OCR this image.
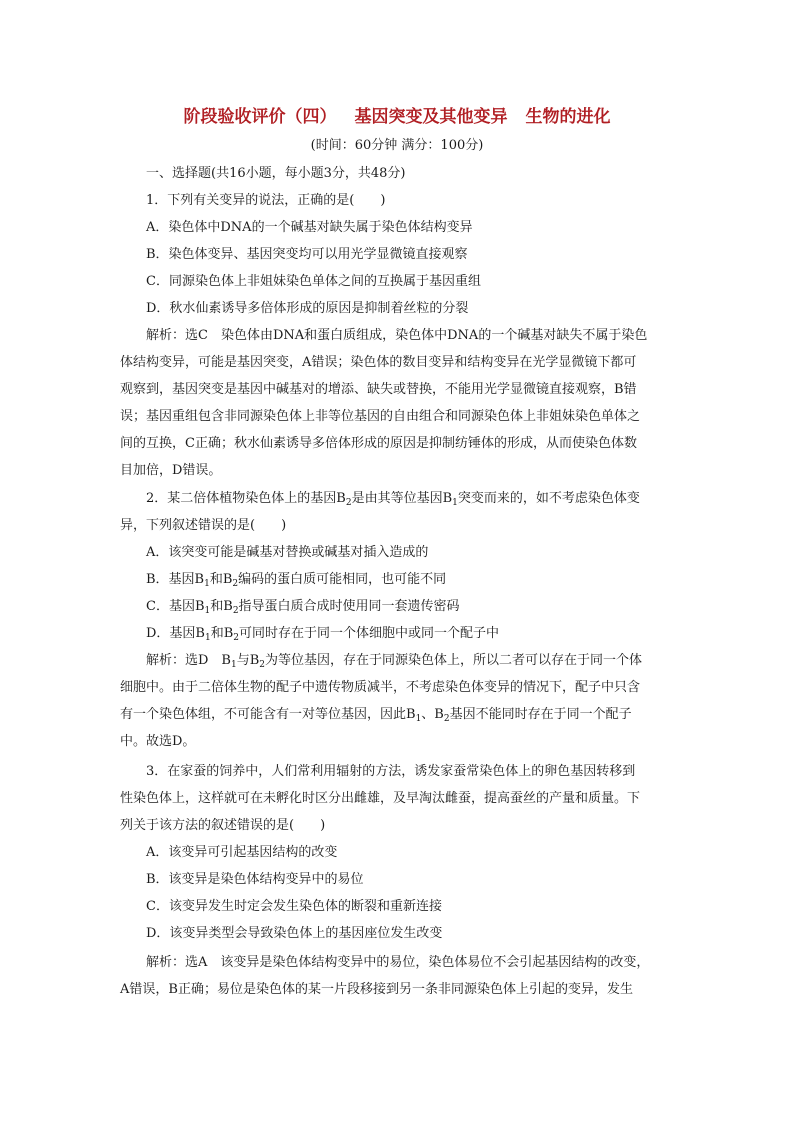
阶段验收评价（四） 基因突变及其他变异 生物的进化
(时间：60分钟 满分：100分)
一、选择题(共16小题，每小题3分，共48分)
1．下列有关变异的说法，正确的是(　　)
A．染色体中DNA的一个碱基对缺失属于染色体结构变异
B．染色体变异、基因突变均可以用光学显微镜直接观察
C．同源染色体上非姐妹染色单体之间的互换属于基因重组
D．秋水仙素诱导多倍体形成的原因是抑制着丝粒的分裂
解析：选C　染色体由DNA和蛋白质组成，染色体中DNA的一个碱基对缺失不属于染色
体结构变异，可能是基因突变，A错误；染色体的数目变异和结构变异在光学显微镜下都可
观察到，基因突变是基因中碱基对的增添、缺失或替换，不能用光学显微镜直接观察，B错
误；基因重组包含非同源染色体上非等位基因的自由组合和同源染色体上非姐妹染色单体之
间的互换，C正确；秋水仙素诱导多倍体形成的原因是抑制纺锤体的形成，从而使染色体数
目加倍，D错误。
2．某二倍体植物染色体上的基因$B_2$是由其等位基因$B_1$突变而来的，如不考虑染色体变
异，下列叙述错误的是(　　)
A．该突变可能是碱基对替换或碱基对插入造成的
B．基因$B_1$和$B_2$编码的蛋白质可能相同，也可能不同
C．基因$B_1$和$B_2$指导蛋白质合成时使用同一套遗传密码
D．基因$B_1$和$B_2$可同时存在于同一个体细胞中或同一个配子中
解析：选D　$B_1$与$B_2$为等位基因，存在于同源染色体上，所以二者可以存在于同一个体
细胞中。由于二倍体生物的配子中遗传物质减半，不考虑染色体变异的情况下，配子中只含
有一个染色体组，不可能含有一对等位基因，因此$B_1$、$B_2$基因不能同时存在于同一个配子
中。故选D。
3．在家蚕的饲养中，人们常利用辐射的方法，诱发家蚕常染色体上的卵色基因转移到
性染色体上，这样就可在未孵化时区分出雌雄，及早淘汰雌蚕，提高蚕丝的产量和质量。下
列关于该方法的叙述错误的是(　　)
A．该变异可引起基因结构的改变
B．该变异是染色体结构变异中的易位
C．该变异发生时定会发生染色体的断裂和重新连接
D．该变异类型会导致染色体上的基因座位发生改变
解析：选A　该变异是染色体结构变异中的易位，染色体易位不会引起基因结构的改变，
A错误，B正确；易位是染色体的某一片段移接到另一条非同源染色体上引起的变异，发生
